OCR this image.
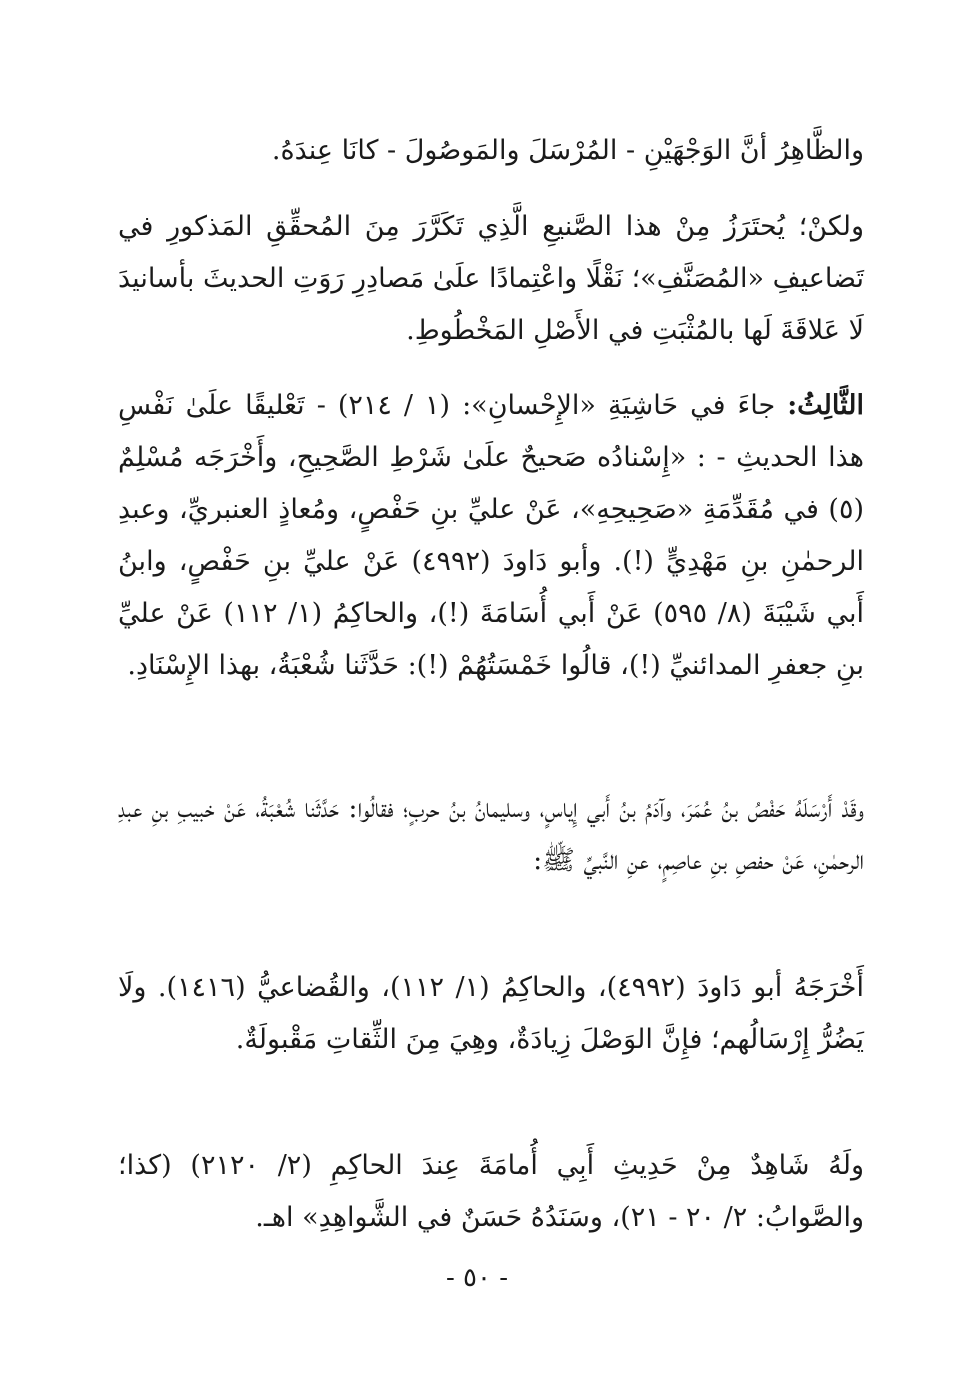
والظَّاهِرُ أنَّ الوَجْهَيْنِ - المُرْسَلَ والمَوصُولَ - كانَا عِندَهُ.

ولكنْ؛ يُحتَرَزُ مِنْ هذا الصَّنيعِ الَّذِي تَكَرَّرَ مِنَ المُحقِّقِ المَذكورِ في تَضاعيفِ «المُصَنَّفِ»؛ نَقْلًا واعْتِمادًا علَىٰ مَصادِرِ رَوَتِ الحديثَ بأسانيدَ لَا عَلاقَةَ لَها بالمُثْبَتِ في الأَصْلِ المَخْطُوطِ.

الثَّالِثُ: جاءَ في حَاشِيَةِ «الإِحْسانِ»: (١ / ٢١٤) - تَعْليقًا علَىٰ نَفْسِ هذا الحديثِ - : «إِسْنادُه صَحيحٌ علَىٰ شَرْطِ الصَّحِيحِ، وأَخْرَجَه مُسْلِمٌ (٥) في مُقَدِّمَةِ «صَحِيحِهِ»، عَنْ عليِّ بنِ حَفْصٍ، ومُعاذٍ العنبريِّ، وعبدِ الرحمٰنِ بنِ مَهْدِيٍّ (!). وأبو دَاودَ (٤٩٩٢) عَنْ عليِّ بنِ حَفْصٍ، وابنُ أَبي شَيْبَةَ (٨/ ٥٩٥) عَنْ أَبي أُسَامَةَ (!)، والحاكِمُ (١/ ١١٢) عَنْ عليِّ بنِ جعفرِ المدائنيِّ (!)، قالُوا خَمْسَتُهُمْ (!): حَدَّثَنا شُعْبَةُ، بهذا الإِسْنَادِ.

وقَدْ أَرْسَلَهُ حَفْصُ بنُ عُمَرَ، وآدَمُ بنُ أَبي إِياسٍ، وسليمانُ بنُ حربٍ؛ فقالُوا: حَدَّثَنا شُعْبَةُ، عَنْ خبيبِ بنِ عبدِ الرحمٰنِ، عَنْ حفصِ بنِ عاصِمٍ، عنِ النَّبيِّ ﷺ:

أَخْرَجَهُ أبو دَاودَ (٤٩٩٢)، والحاكِمُ (١/ ١١٢)، والقُضاعيُّ (١٤١٦). ولَا يَضُرُّ إِرْسَالُهم؛ فإِنَّ الوَصْلَ زِيادَةٌ، وهِيَ مِنَ الثِّقاتِ مَقْبولَةٌ.

ولَهُ شَاهِدٌ مِنْ حَدِيثِ أَبِي أُمامَةَ عِندَ الحاكِمِ (٢/ ٢١٢٠) (كذا؛ والصَّوابُ: ٢/ ٢٠ - ٢١)، وسَنَدُهُ حَسَنٌ في الشَّواهِدِ» اهـ.

- ٥٠ -
